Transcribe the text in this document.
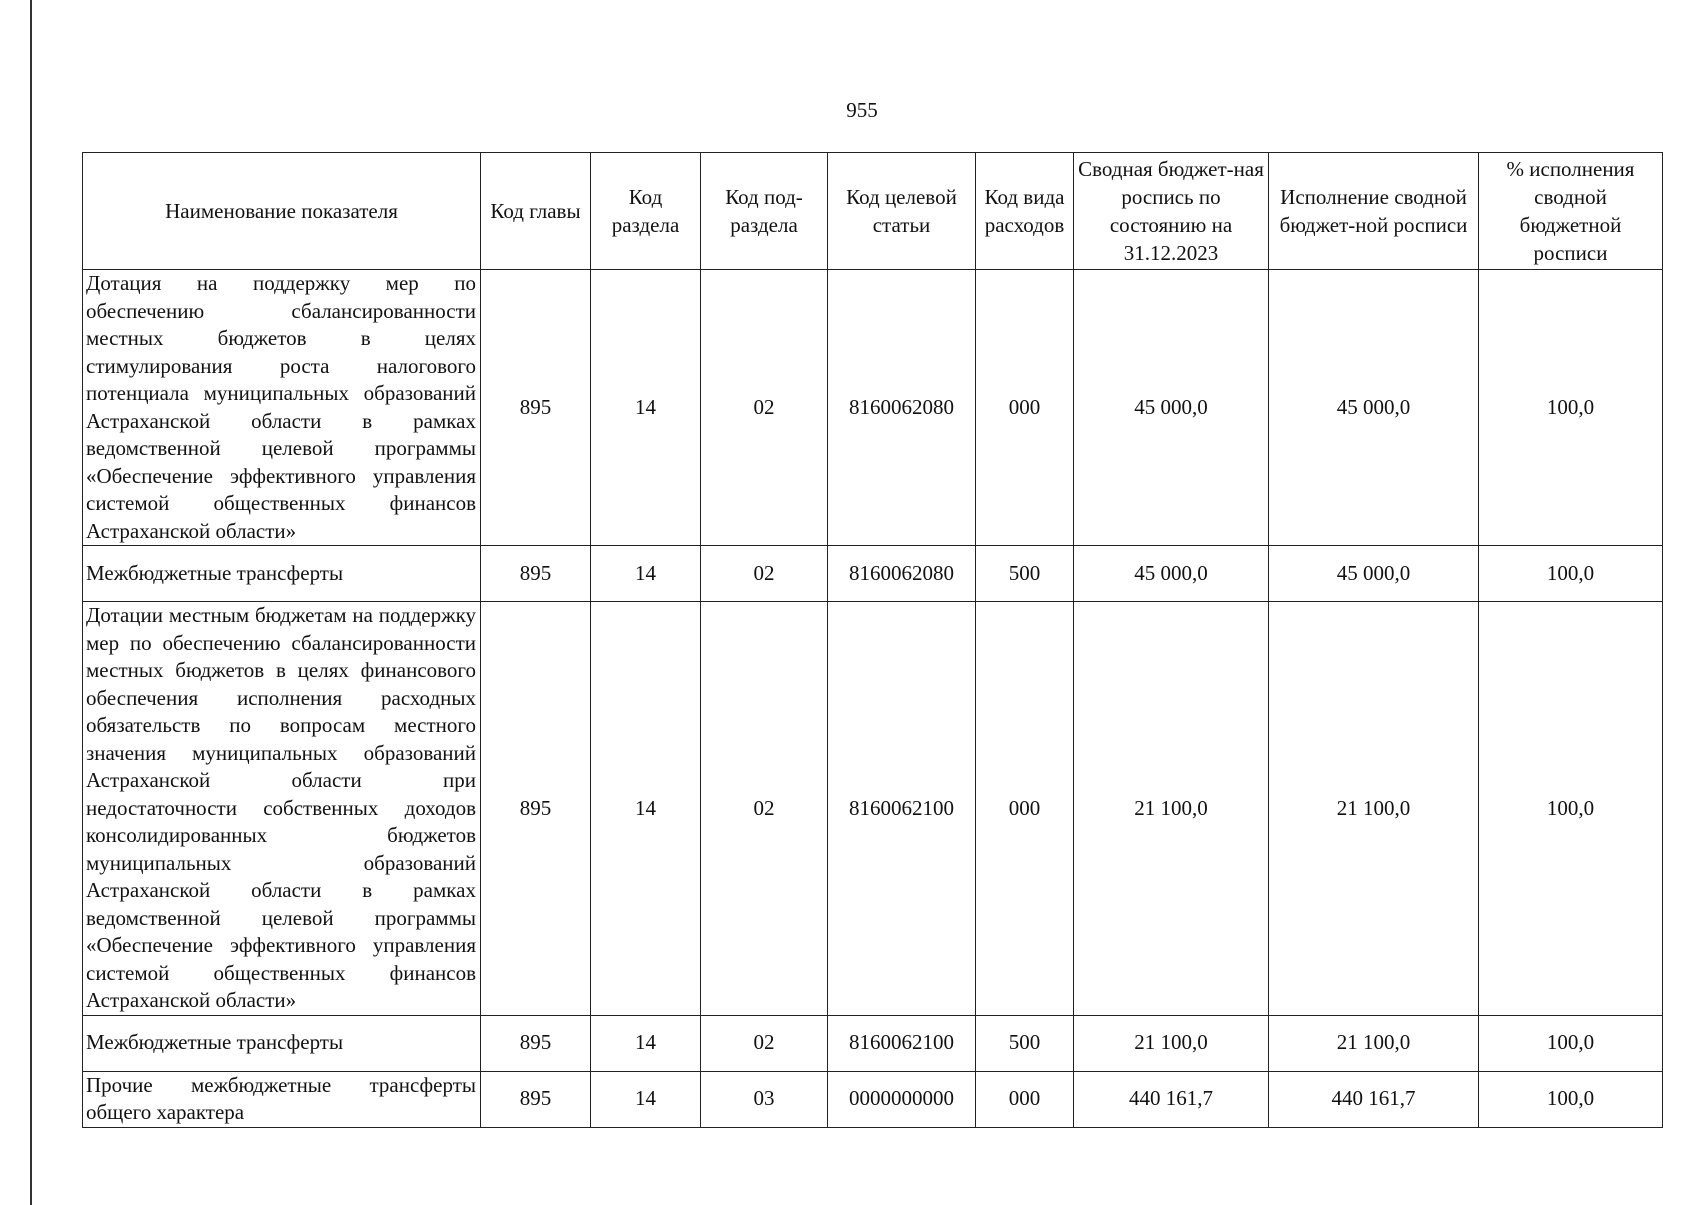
955
Наименование показателя	Код главы	Код раздела	Код под-раздела	Код целевой статьи	Код вида расходов	Сводная бюджет-ная роспись по состоянию на 31.12.2023	Исполнение сводной бюджет-ной росписи	% исполнения сводной бюджетной росписи
Дотация на поддержку мер по обеспечению сбалансированности местных бюджетов в целях стимулирования роста налогового потенциала муниципальных образований Астраханской области в рамках ведомственной целевой программы «Обеспечение эффективного управления системой общественных финансов Астраханской области»	895	14	02	8160062080	000	45 000,0	45 000,0	100,0
Межбюджетные трансферты	895	14	02	8160062080	500	45 000,0	45 000,0	100,0
Дотации местным бюджетам на поддержку мер по обеспечению сбалансированности местных бюджетов в целях финансового обеспечения исполнения расходных обязательств по вопросам местного значения муниципальных образований Астраханской области при недостаточности собственных доходов консолидированных бюджетов муниципальных образований Астраханской области в рамках ведомственной целевой программы «Обеспечение эффективного управления системой общественных финансов Астраханской области»	895	14	02	8160062100	000	21 100,0	21 100,0	100,0
Межбюджетные трансферты	895	14	02	8160062100	500	21 100,0	21 100,0	100,0
Прочие межбюджетные трансферты общего характера	895	14	03	0000000000	000	440 161,7	440 161,7	100,0
